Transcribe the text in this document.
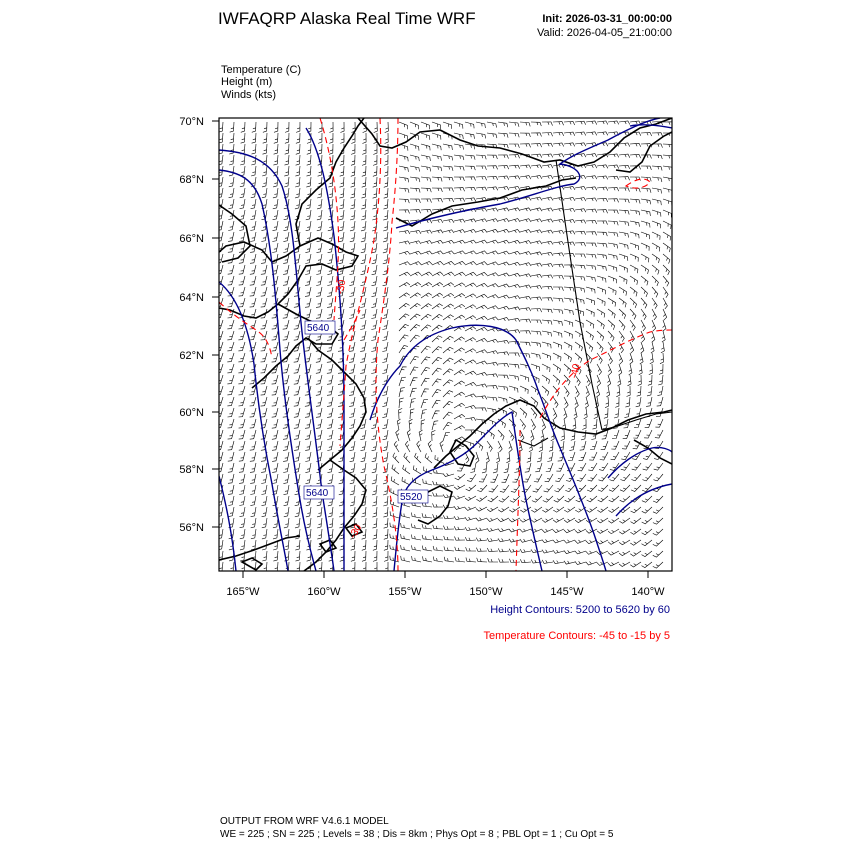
IWFAQRP Alaska Real Time WRF	Init: 2026-03-31_00:00:00
Valid: 2026-04-05_21:00:00
Temperature (C)
Height (m)
Winds (kts)
5640
5640	5520
-30
-40
-30
70°N
68°N
66°N
64°N
62°N
60°N
58°N
56°N
165°W	160°W	155°W	150°W	145°W	140°W
Height Contours: 5200 to 5620 by 60
Temperature Contours: -45 to -15 by 5
OUTPUT FROM WRF V4.6.1 MODEL
WE = 225 ; SN = 225 ; Levels = 38 ; Dis = 8km ; Phys Opt = 8 ; PBL Opt = 1 ; Cu Opt = 5
